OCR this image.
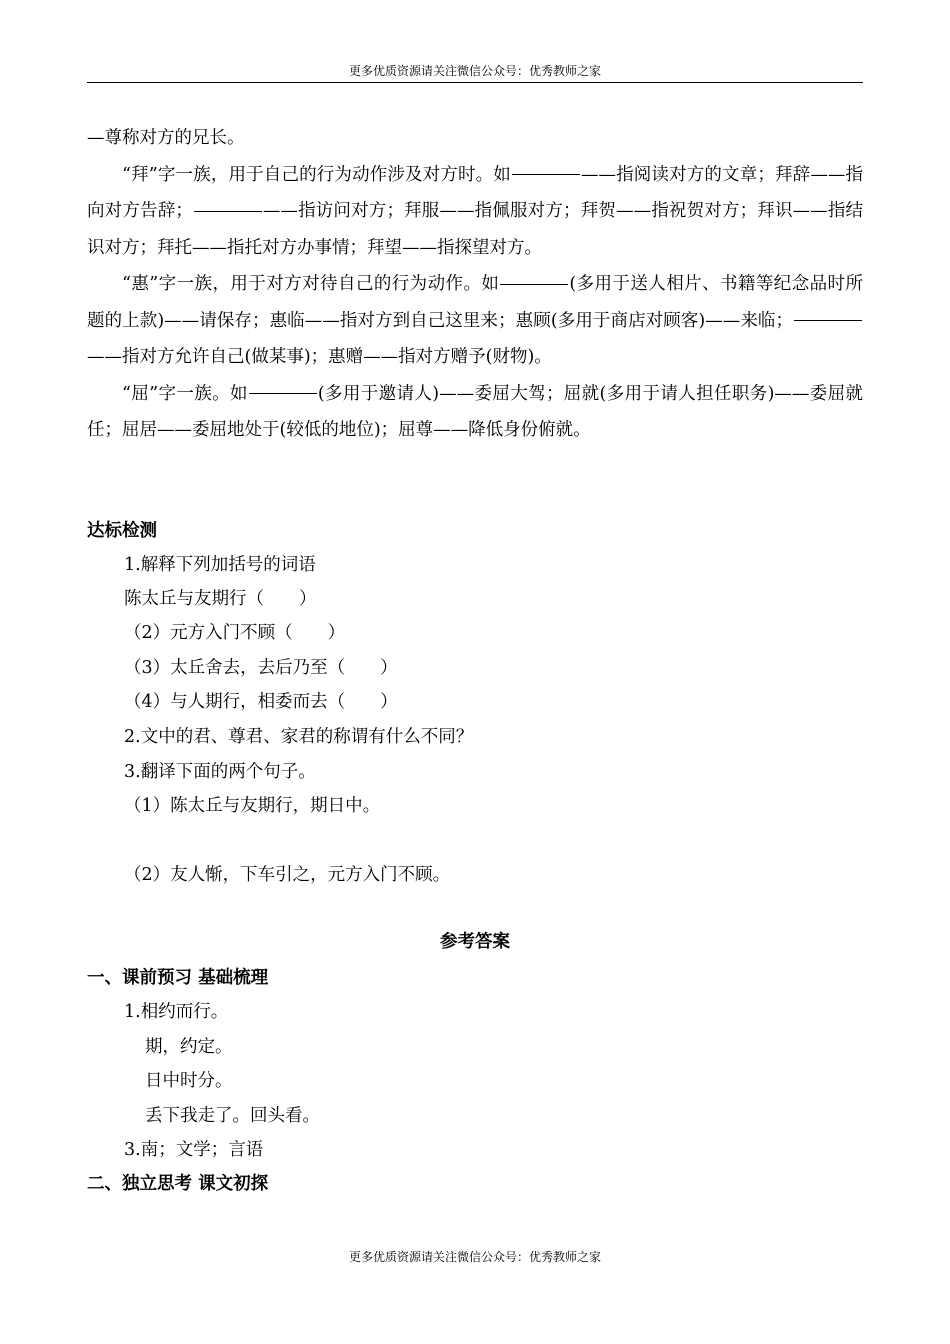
更多优质资源请关注微信公众号：优秀教师之家

—尊称对方的兄长。

“拜”字一族，用于自己的行为动作涉及对方时。如	——指阅读对方的文章；拜辞——指向对方告辞；	——指访问对方；拜服——指佩服对方；拜贺——指祝贺对方；拜识——指结识对方；拜托——指托对方办事情；拜望——指探望对方。

“惠”字一族，用于对方对待自己的行为动作。如	(多用于送人相片、书籍等纪念品时所题的上款)——请保存；惠临——指对方到自己这里来；惠顾(多用于商店对顾客)——来临；——指对方允许自己(做某事)；惠赠——指对方赠予(财物)。

“屈”字一族。如	(多用于邀请人)——委屈大驾；屈就(多用于请人担任职务)——委屈就任；屈居——委屈地处于(较低的地位)；屈尊——降低身份俯就。

达标检测
1.解释下列加括号的词语
陈太丘与友期行（　　）
（2）元方入门不顾（　　）
（3）太丘舍去，去后乃至（　　）
（4）与人期行，相委而去（　　）
2.文中的君、尊君、家君的称谓有什么不同？
3.翻译下面的两个句子。
（1）陈太丘与友期行，期日中。
（2）友人惭，下车引之，元方入门不顾。
参考答案
一、课前预习 基础梳理
1.相约而行。
期，约定。
日中时分。
丢下我走了。回头看。
3.南；文学；言语
二、独立思考 课文初探
更多优质资源请关注微信公众号：优秀教师之家
